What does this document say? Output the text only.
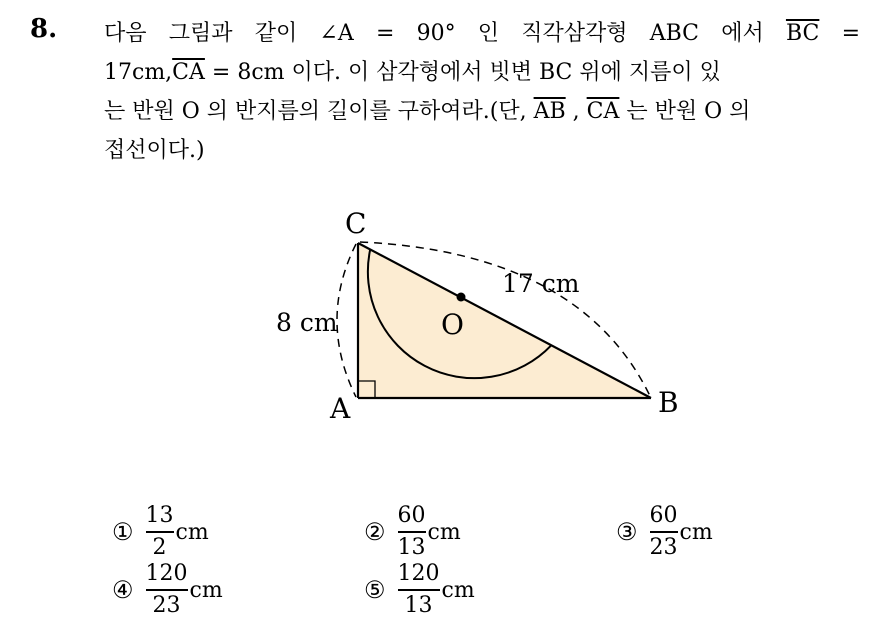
8. 다음 그림과 같이 ∠A = 90° 인 직각삼각형 ABC 에서 $\overline{BC}$ =
$17cm,\overline{CA} = 8cm$ 이다. 이 삼각형에서 빗변 BC 위에 지름이 있
는 반원 O 의 반지름의 길이를 구하여라.(단, $\overline{AB}$ , $\overline{CA}$ 는 반원 O 의
접선이다.)
C
A	B
O
8 cm
17 cm
① $\frac{13}{2}$ cm	② $\frac{60}{13}$ cm	③ $\frac{60}{23}$ cm
④ $\frac{120}{23}$ cm	⑤ $\frac{120}{13}$ cm
